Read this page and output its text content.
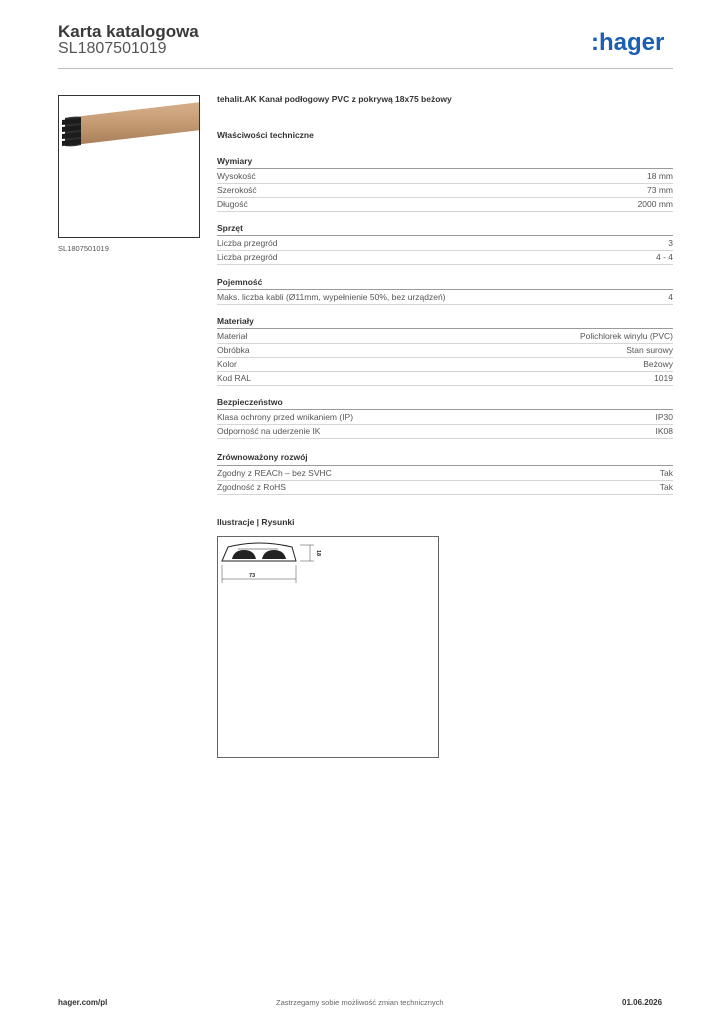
Karta katalogowa
SL1807501019	:hager
SL1807501019
tehalit.AK Kanał podłogowy PVC z pokrywą 18x75 beżowy
Właściwości techniczne
Wymiary
Wysokość	18 mm
Szerokość	73 mm
Długość	2000 mm
Sprzęt
Liczba przegród	3
Liczba przegród	4 - 4
Pojemność
Maks. liczba kabli (Ø11mm, wypełnienie 50%, bez urządzeń)	4
Materiały
Materiał	Polichlorek winylu (PVC)
Obróbka	Stan surowy
Kolor	Beżowy
Kod RAL	1019
Bezpieczeństwo
Klasa ochrony przed wnikaniem (IP)	IP30
Odporność na uderzenie IK	IK08
Zrównoważony rozwój
Zgodny z REACh – bez SVHC	Tak
Zgodność z RoHS	Tak
Ilustracje | Rysunki
18
73
hager.com/pl	Zastrzegamy sobie możliwość zmian technicznych	01.06.2026
